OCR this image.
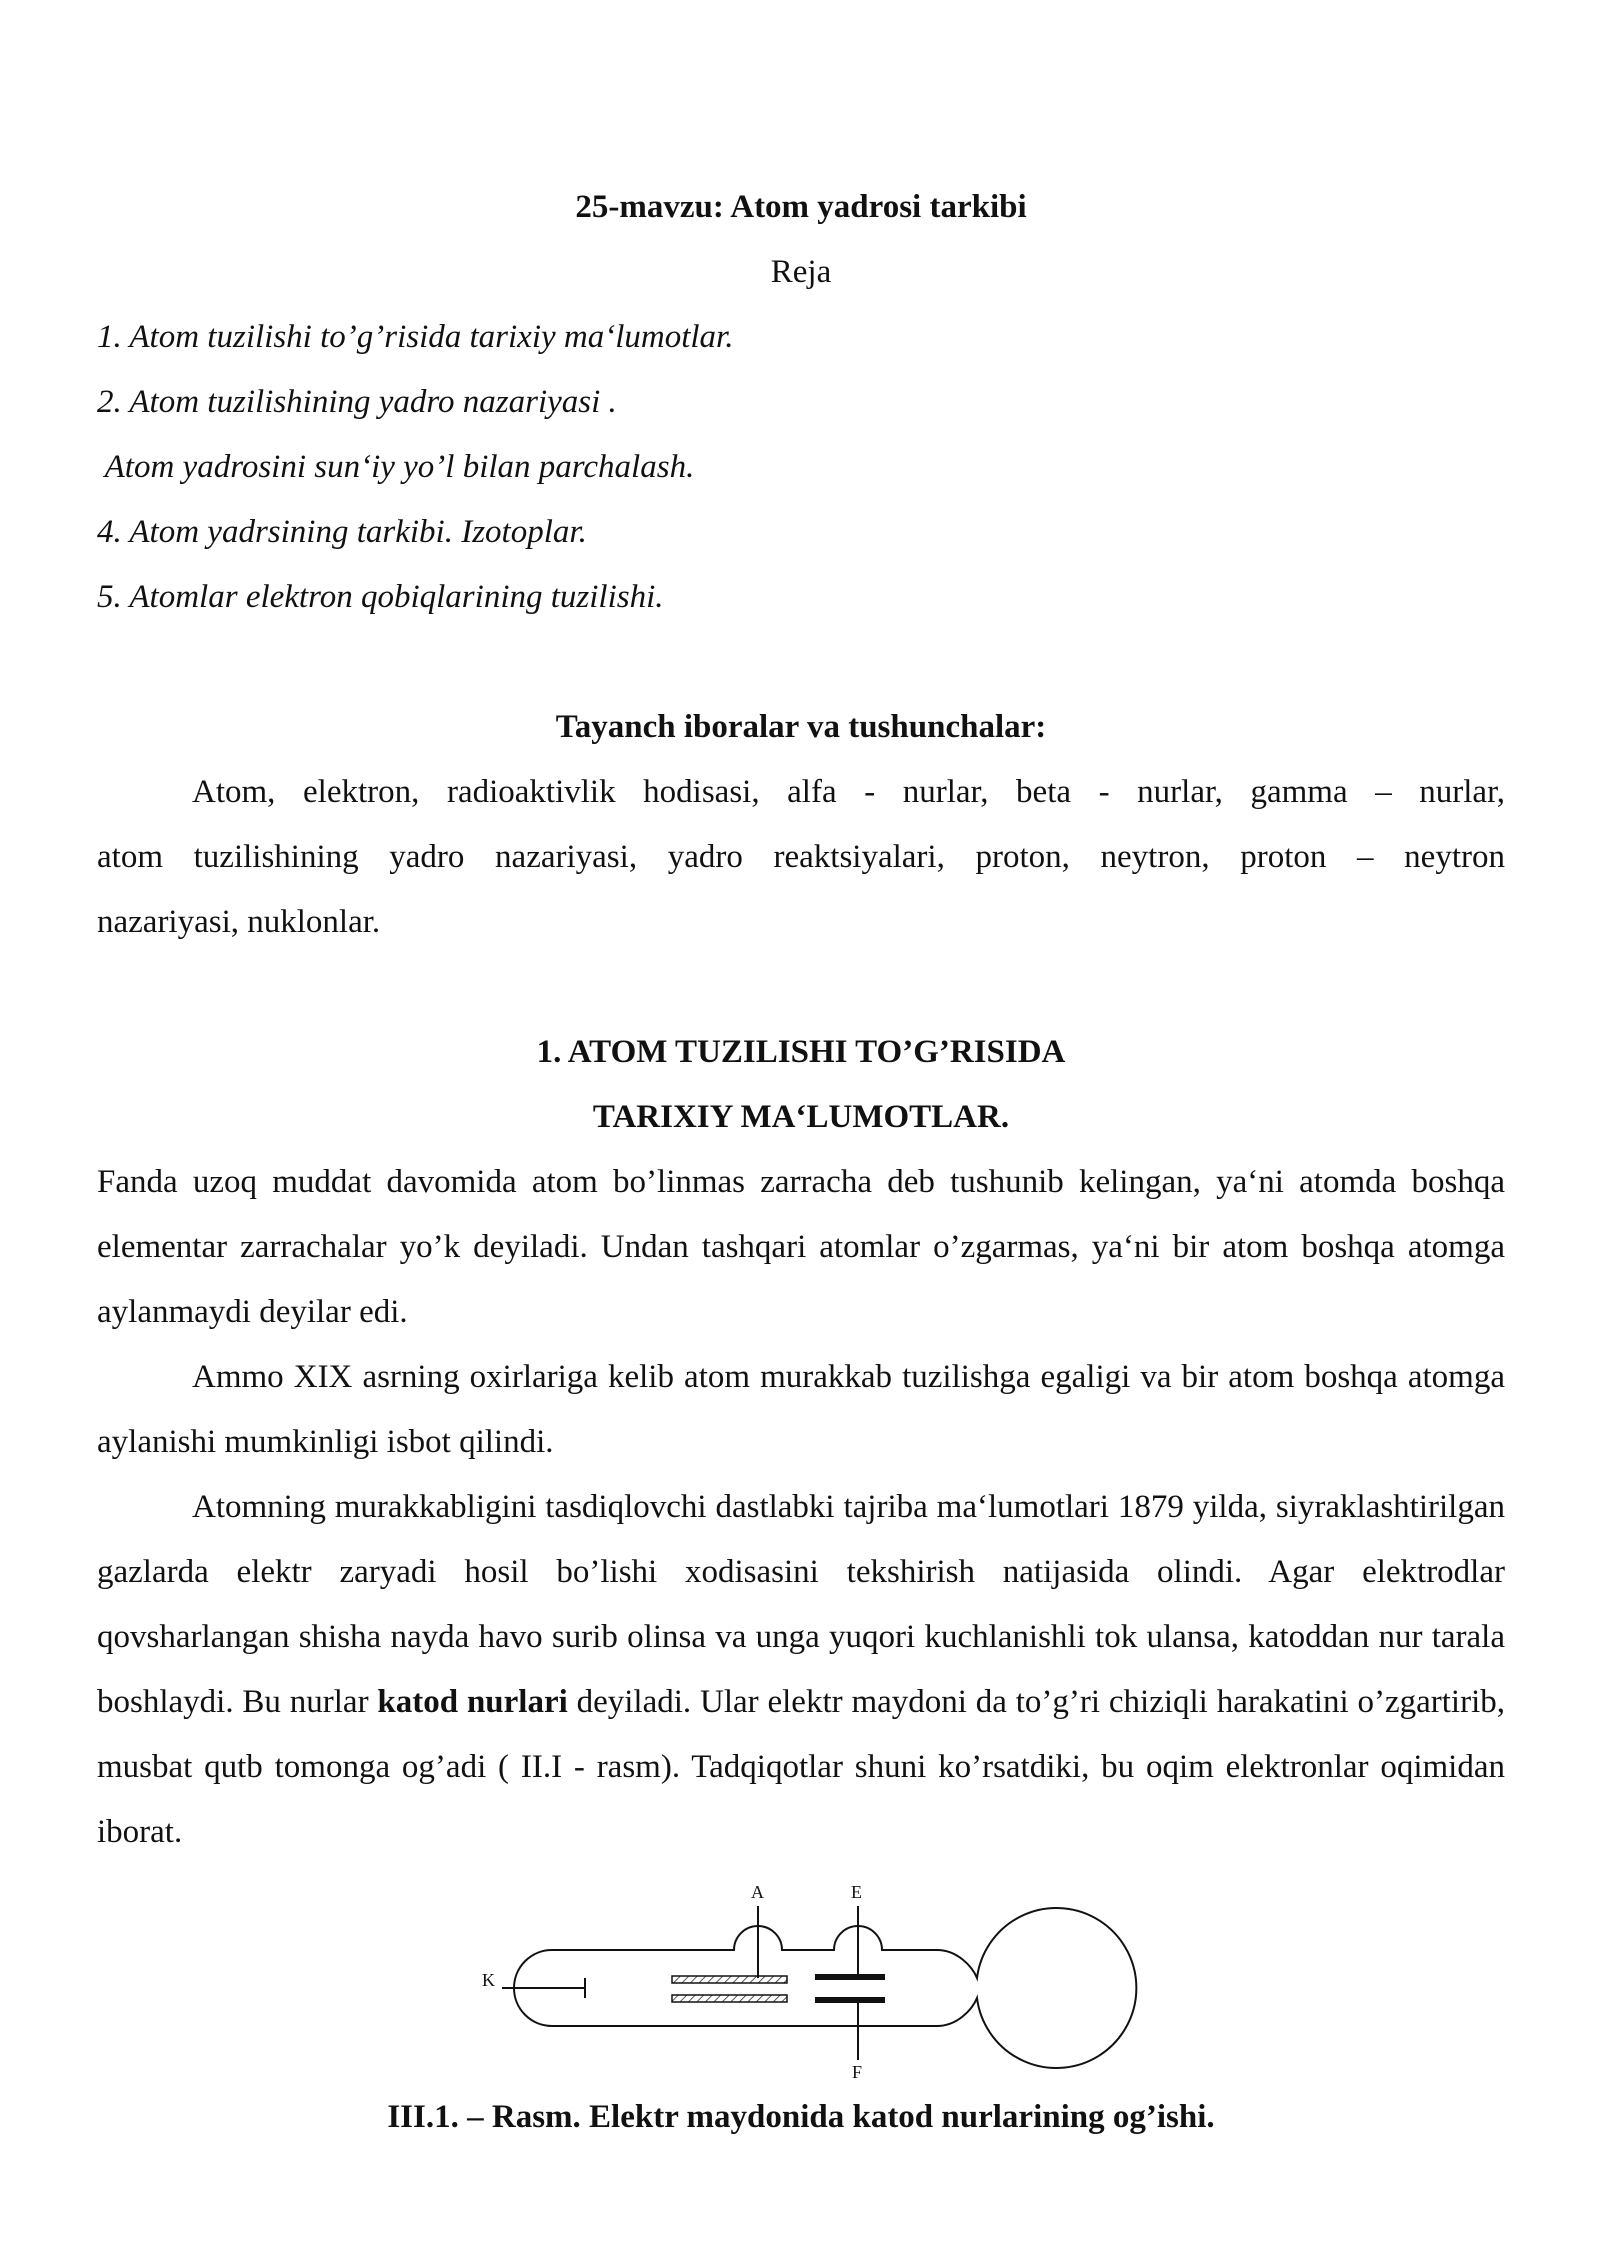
25-mavzu: Atom yadrosi tarkibi
Reja
1. Atom tuzilishi to’g’risida tarixiy ma‘lumotlar.
2. Atom tuzilishining yadro nazariyasi .
Atom yadrosini sun‘iy yo’l bilan parchalash.
4. Atom yadrsining tarkibi. Izotoplar.
5. Atomlar elektron qobiqlarining tuzilishi.
Tayanch iboralar va tushunchalar:
Atom, elektron, radioaktivlik hodisasi, alfa - nurlar, beta - nurlar, gamma – nurlar,
atom tuzilishining yadro nazariyasi, yadro reaktsiyalari, proton, neytron, proton – neytron
nazariyasi, nuklonlar.
1. ATOM TUZILISHI TO’G’RISIDA
TARIXIY MA‘LUMOTLAR.
Fanda uzoq muddat davomida atom bo’linmas zarracha deb tushunib kelingan, ya‘ni atomda boshqa elementar zarrachalar yo’k deyiladi. Undan tashqari atomlar o’zgarmas, ya‘ni bir atom boshqa atomga aylanmaydi deyilar edi.
Ammo XIX asrning oxirlariga kelib atom murakkab tuzilishga egaligi va bir atom boshqa atomga aylanishi mumkinligi isbot qilindi.
Atomning murakkabligini tasdiqlovchi dastlabki tajriba ma‘lumotlari 1879 yilda, siyraklashtirilgan gazlarda elektr zaryadi hosil bo’lishi xodisasini tekshirish natijasida olindi. Agar elektrodlar qovsharlangan shisha nayda havo surib olinsa va unga yuqori kuchlanishli tok ulansa, katoddan nur tarala boshlaydi. Bu nurlar katod nurlari deyiladi. Ular elektr maydoni da to’g’ri chiziqli harakatini o’zgartirib, musbat qutb tomonga og’adi ( II.I - rasm). Tadqiqotlar shuni ko’rsatdiki, bu oqim elektronlar oqimidan iborat.
A	E
K
F
III.1. – Rasm. Elektr maydonida katod nurlarining og’ishi.
